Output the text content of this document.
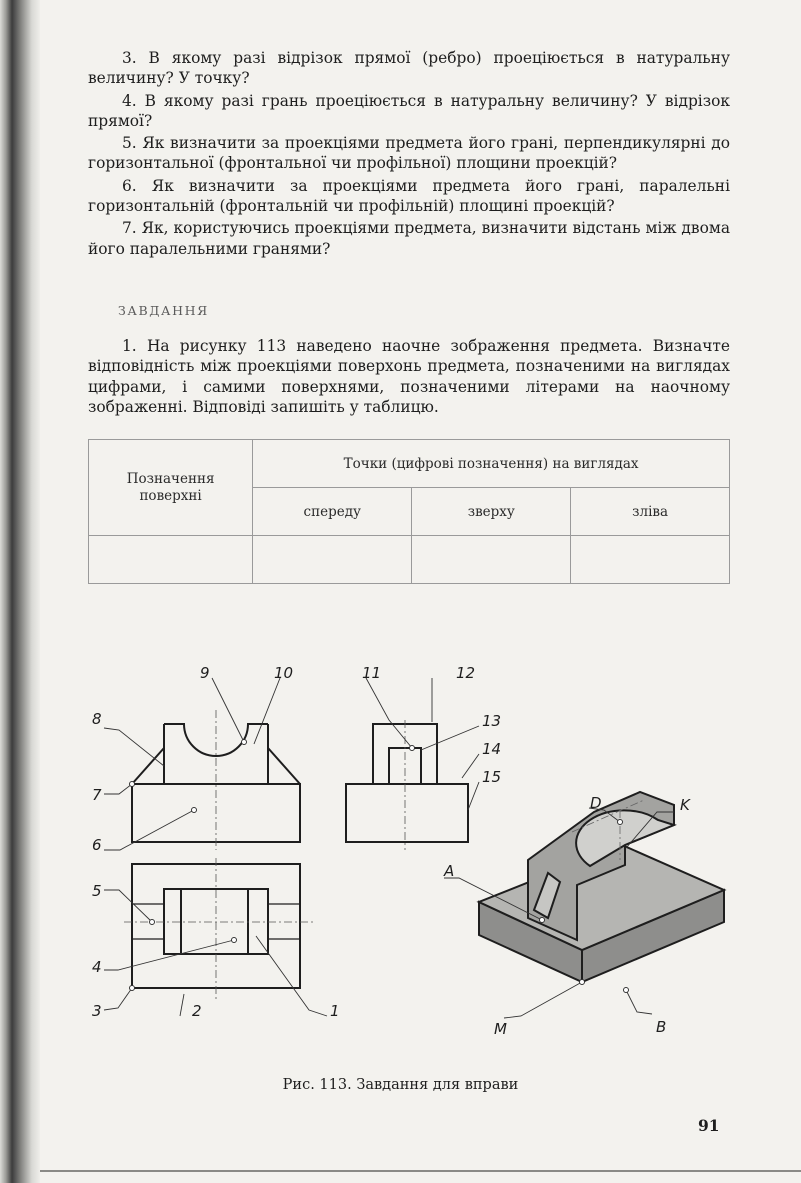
3. В якому разі відрізок прямої (ребро) проеціюється в натуральну величину? У точку?

4. В якому разі грань проеціюється в натуральну величину? У відрізок прямої?

5. Як визначити за проекціями предмета його грані, перпендикулярні до горизонтальної (фронтальної чи профільної) площини проекцій?

6. Як визначити за проекціями предмета його грані, паралельні горизонтальній (фронтальній чи профільній) площині проекцій?

7. Як, користуючись проекціями предмета, визначити відстань між двома його паралельними гранями?

ЗАВДАННЯ

1. На рисунку 113 наведено наочне зображення предмета. Визначте відповідність між проекціями поверхонь предмета, позначеними на виглядах цифрами, і самими поверхнями, позначеними літерами на наочному зображенні. Відповіді запишіть у таблицю.

Позначення поверхні	Точки (цифрові позначення) на виглядах		
	спереду	зверху	зліва

9	10	11	12
13
14
15
8
7
6
5
4
3	2	1
A
D	K
M	B
Рис. 113. Завдання для вправи
91
